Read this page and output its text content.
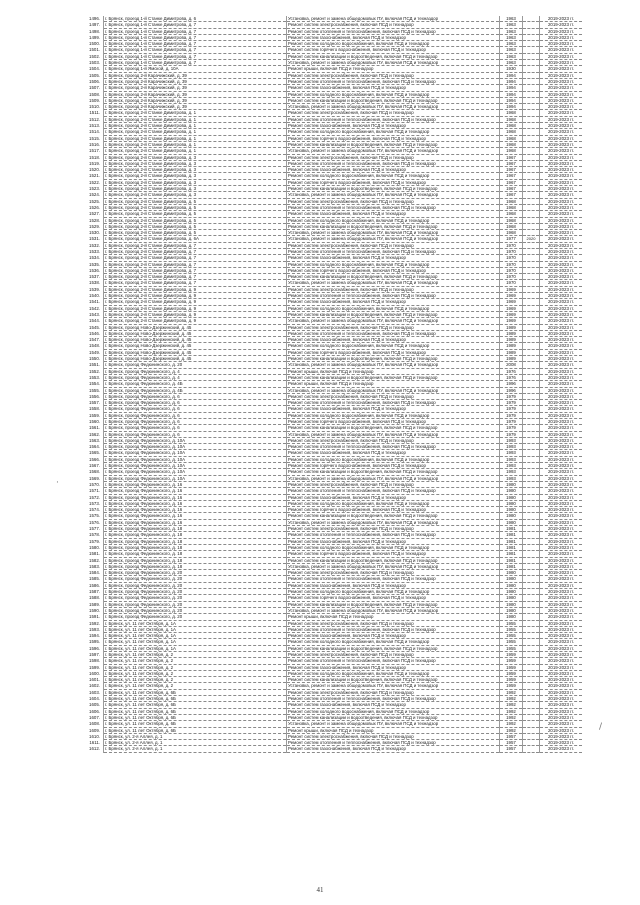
1496.	г. Брянск, проезд 1-й Станке Димитрова, д. 6	Установка, ремонт и замена общедомовых ПУ, включая ПСД и техназдор	1963		2019-2023 гг.
1497.	г. Брянск, проезд 1-й Станке Димитрова, д. 7	Ремонт систем электроснабжения, включая ПСД и технадзор	1963		2019-2023 гг.
1498.	г. Брянск, проезд 1-й Станке Димитрова, д. 7	Ремонт систем отопления и теплоснабжения, включая ПСД и технадзор	1963		2019-2023 гг.
1499.	г. Брянск, проезд 1-й Станке Димитрова, д. 7	Ремонт систем газоснабжения, включая ПСД и технадзор	1963		2019-2023 гг.
1500.	г. Брянск, проезд 1-й Станке Димитрова, д. 7	Ремонт систем холодного водоснабжения, включая ПСД и технадзор	1963		2019-2023 гг.
1501.	г. Брянск, проезд 1-й Станке Димитрова, д. 7	Ремонт систем горячего водоснабжения, включая ПСД и технадзор	1963		2019-2023 гг.
1502.	г. Брянск, проезд 1-й Станке Димитрова, д. 7	Ремонт систем канализации и водоотведения, включая ПСД и технадзор	1963		2019-2023 гг.
1503.	г. Брянск, проезд 1-й Станке Димитрова, д. 7	Установка, ремонт и замена общедомовых ПУ, включая ПСД и технадзор	1963		2019-2023 гг.
1504.	г. Брянск, проезд 1-й Ямской, д. 10А	Ремонт крыши, включая ПСД и технадзор	1930		2019-2023 гг.
1505.	г. Брянск, проезд 2-й Карачижский, д. 39	Ремонт систем электроснабжения, включая ПСД и технадзор	1994		2019-2023 гг.
1506.	г. Брянск, проезд 2-й Карачижский, д. 39	Ремонт систем отопления и теплоснабжения, включая ПСД и технадзор	1994		2019-2023 гг.
1507.	г. Брянск, проезд 2-й Карачижский, д. 39	Ремонт систем газоснабжения, включая ПСД и технадзор	1994		2019-2023 гг.
1508.	г. Брянск, проезд 2-й Карачижский, д. 39	Ремонт систем холодного водоснабжения, включая ПСД и технадзор	1994		2019-2023 гг.
1509.	г. Брянск, проезд 2-й Карачижский, д. 39	Ремонт систем канализации и водоотведения, включая ПСД и технадзор	1994		2019-2023 гг.
1510.	г. Брянск, проезд 2-й Карачижский, д. 39	Установка, ремонт и замена общедомовых ПУ, включая ПСД и технадзор	1994		2019-2023 гг.
1511.	г. Брянск, проезд 2-й Станке Димитрова, д. 1	Ремонт систем электроснабжения, включая ПСД и технадзор	1968		2019-2023 гг.
1512.	г. Брянск, проезд 2-й Станке Димитрова, д. 1	Ремонт систем отопления и теплоснабжения, включая ПСД и технадзор	1968		2019-2023 гг.
1513.	г. Брянск, проезд 2-й Станке Димитрова, д. 1	Ремонт систем газоснабжения, включая ПСД и технадзор	1968		2019-2023 гг.
1514.	г. Брянск, проезд 2-й Станке Димитрова, д. 1	Ремонт систем холодного водоснабжения, включая ПСД и технадзор	1968		2019-2023 гг.
1515.	г. Брянск, проезд 2-й Станке Димитрова, д. 1	Ремонт систем горячего водоснабжения, включая ПСД и технадзор	1968		2019-2023 гг.
1516.	г. Брянск, проезд 2-й Станке Димитрова, д. 1	Ремонт систем канализации и водоотведения, включая ПСД и технадзор	1968		2019-2023 гг.
1517.	г. Брянск, проезд 2-й Станке Димитрова, д. 1	Установка, ремонт и замена общедомовых ПУ, включая ПСД и технадзор	1968		2019-2023 гг.
1518.	г. Брянск, проезд 2-й Станке Димитрова, д. 3	Ремонт систем электроснабжения, включая ПСД и технадзор	1967		2019-2023 гг.
1519.	г. Брянск, проезд 2-й Станке Димитрова, д. 3	Ремонт систем отопления и теплоснабжения, включая ПСД и технадзор	1967		2019-2023 гг.
1520.	г. Брянск, проезд 2-й Станке Димитрова, д. 3	Ремонт систем газоснабжения, включая ПСД и технадзор	1967		2019-2023 гг.
1521.	г. Брянск, проезд 2-й Станке Димитрова, д. 3	Ремонт систем холодного водоснабжения, включая ПСД и технадзор	1967		2019-2023 гг.
1522.	г. Брянск, проезд 2-й Станке Димитрова, д. 3	Ремонт систем горячего водоснабжения, включая ПСД и технадзор	1967		2019-2023 гг.
1523.	г. Брянск, проезд 2-й Станке Димитрова, д. 3	Ремонт систем канализации и водоотведения, включая ПСД и технадзор	1967		2019-2023 гг.
1524.	г. Брянск, проезд 2-й Станке Димитрова, д. 3	Установка, ремонт и замена общедомовых ПУ, включая ПСД и технадзор	1967		2019-2023 гг.
1525.	г. Брянск, проезд 2-й Станке Димитрова, д. 5	Ремонт систем электроснабжения, включая ПСД и технадзор	1968		2019-2023 гг.
1526.	г. Брянск, проезд 2-й Станке Димитрова, д. 5	Ремонт систем отопления и теплоснабжения, включая ПСД и технадзор	1968		2019-2023 гг.
1527.	г. Брянск, проезд 2-й Станке Димитрова, д. 5	Ремонт систем газоснабжения, включая ПСД и технадзор	1968		2019-2023 гг.
1528.	г. Брянск, проезд 2-й Станке Димитрова, д. 5	Ремонт систем холодного водоснабжения, включая ПСД и технадзор	1968		2019-2023 гг.
1529.	г. Брянск, проезд 2-й Станке Димитрова, д. 5	Ремонт систем канализации и водоотведения, включая ПСД и технадзор	1968		2019-2023 гг.
1530.	г. Брянск, проезд 2-й Станке Димитрова, д. 5	Установка, ремонт и замена общедомовых ПУ, включая ПСД и технадзор	1968		2019-2023 гг.
1531.	г. Брянск, проезд 2-й Станке Димитрова, д. 6А	Установка, ремонт и замена общедомовых ПУ, включая ПСД и технадзор	1977	2020	2019-2023 гг.
1532.	г. Брянск, проезд 2-й Станке Димитрова, д. 7	Ремонт систем электроснабжения, включая ПСД и технадзор	1970		2019-2023 гг.
1533.	г. Брянск, проезд 2-й Станке Димитрова, д. 7	Ремонт систем отопления и теплоснабжения, включая ПСД и технадзор	1970		2019-2023 гг.
1534.	г. Брянск, проезд 2-й Станке Димитрова, д. 7	Ремонт систем газоснабжения, включая ПСД и технадзор	1970		2019-2023 гг.
1535.	г. Брянск, проезд 2-й Станке Димитрова, д. 7	Ремонт систем холодного водоснабжения, включая ПСД и технадзор	1970		2019-2023 гг.
1536.	г. Брянск, проезд 2-й Станке Димитрова, д. 7	Ремонт систем горячего водоснабжения, включая ПСД и технадзор	1970		2019-2023 гг.
1537.	г. Брянск, проезд 2-й Станке Димитрова, д. 7	Ремонт систем канализации и водоотведения, включая ПСД и технадзор	1970		2019-2023 гг.
1538.	г. Брянск, проезд 2-й Станке Димитрова, д. 7	Установка, ремонт и замена общедомовых ПУ, включая ПСД и технадзор	1970		2019-2023 гг.
1539.	г. Брянск, проезд 2-й Станке Димитрова, д. 9	Ремонт систем электроснабжения, включая ПСД и технадзор	1969		2019-2023 гг.
1540.	г. Брянск, проезд 2-й Станке Димитрова, д. 9	Ремонт систем отопления и теплоснабжения, включая ПСД и технадзор	1969		2019-2023 гг.
1541.	г. Брянск, проезд 2-й Станке Димитрова, д. 9	Ремонт систем газоснабжения, включая ПСД и технадзор	1969		2019-2023 гг.
1542.	г. Брянск, проезд 2-й Станке Димитрова, д. 9	Ремонт систем холодного водоснабжения, включая ПСД и технадзор	1969		2019-2023 гг.
1543.	г. Брянск, проезд 2-й Станке Димитрова, д. 9	Ремонт систем канализации и водоотведения, включая ПСД и технадзор	1969		2019-2023 гг.
1544.	г. Брянск, проезд 2-й Станке Димитрова, д. 9	Установка, ремонт и замена общедомовых ПУ, включая ПСД и технадзор	1969		2019-2023 гг.
1545.	г. Брянск, проезд Ново-Дзержинский, д. 45	Ремонт систем электроснабжения, включая ПСД и технадзор	1989		2019-2023 гг.
1546.	г. Брянск, проезд Ново-Дзержинский, д. 45	Ремонт систем отопления и теплоснабжения, включая ПСД и технадзор	1989		2019-2023 гг.
1547.	г. Брянск, проезд Ново-Дзержинский, д. 45	Ремонт систем газоснабжения, включая ПСД и технадзор	1989		2019-2023 гг.
1548.	г. Брянск, проезд Ново-Дзержинский, д. 45	Ремонт систем холодного водоснабжения, включая ПСД и технадзор	1989		2019-2023 гг.
1549.	г. Брянск, проезд Ново-Дзержинский, д. 45	Ремонт систем горячего водоснабжения, включая ПСД и технадзор	1989		2019-2023 гг.
1550.	г. Брянск, проезд Ново-Дзержинский, д. 45	Ремонт систем канализации и водоотведения, включая ПСД и технадзор	1989		2019-2023 гг.
1551.	г. Брянск, проезд Федюнинского, д. 20	Установка, ремонт и замена общедомовых ПУ, включая ПСД и технадзор	2008		2019-2023 гг.
1552.	г. Брянск, проезд Федюнинского, д. 4	Ремонт крыши, включая ПСД и технадзор	1976		2019-2023 гг.
1553.	г. Брянск, проезд Федюнинского, д. 4	Ремонт систем канализации и водоотведения, включая ПСД и технадзор	1976		2019-2023 гг.
1554.	г. Брянск, проезд Федюнинского, д. 4Б	Ремонт крыши, включая ПСД и технадзор	1996		2019-2023 гг.
1555.	г. Брянск, проезд Федюнинского, д. 4Б	Установка, ремонт и замена общедомовых ПУ, включая ПСД и технадзор	1996		2019-2023 гг.
1556.	г. Брянск, проезд Федюнинского, д. 6	Ремонт систем электроснабжения, включая ПСД и технадзор	1979		2019-2023 гг.
1557.	г. Брянск, проезд Федюнинского, д. 6	Ремонт систем отопления и теплоснабжения, включая ПСД и технадзор	1979		2019-2023 гг.
1558.	г. Брянск, проезд Федюнинского, д. 6	Ремонт систем газоснабжения, включая ПСД и технадзор	1979		2019-2023 гг.
1559.	г. Брянск, проезд Федюнинского, д. 6	Ремонт систем холодного водоснабжения, включая ПСД и технадзор	1979		2019-2023 гг.
1560.	г. Брянск, проезд Федюнинского, д. 6	Ремонт систем горячего водоснабжения, включая ПСД и технадзор	1979		2019-2023 гг.
1561.	г. Брянск, проезд Федюнинского, д. 6	Ремонт систем канализации и водоотведения, включая ПСД и технадзор	1979		2019-2023 гг.
1562.	г. Брянск, проезд Федюнинского, д. 6	Установка, ремонт и замена общедомовых ПУ, включая ПСД и технадзор	1979		2019-2023 гг.
1563.	г. Брянск, проезд Федюнинского, д. 10А	Ремонт систем электроснабжения, включая ПСД и технадзор	1993		2019-2023 гг.
1564.	г. Брянск, проезд Федюнинского, д. 10А	Ремонт систем отопления и теплоснабжения, включая ПСД и технадзор	1993		2019-2023 гг.
1565.	г. Брянск, проезд Федюнинского, д. 10А	Ремонт систем газоснабжения, включая ПСД и технадзор	1993		2019-2023 гг.
1566.	г. Брянск, проезд Федюнинского, д. 10А	Ремонт систем холодного водоснабжения, включая ПСД и технадзор	1993		2019-2023 гг.
1567.	г. Брянск, проезд Федюнинского, д. 10А	Ремонт систем горячего водоснабжения, включая ПСД и технадзор	1993		2019-2023 гг.
1568.	г. Брянск, проезд Федюнинского, д. 10А	Ремонт систем канализации и водоотведения, включая ПСД и технадзор	1993		2019-2023 гг.
1569.	г. Брянск, проезд Федюнинского, д. 10А	Установка, ремонт и замена общедомовых ПУ, включая ПСД и технадзор	1993		2019-2023 гг.
1570.	г. Брянск, проезд Федюнинского, д. 16	Ремонт систем электроснабжения, включая ПСД и технадзор	1980		2019-2023 гг.
1571.	г. Брянск, проезд Федюнинского, д. 16	Ремонт систем отопления и теплоснабжения, включая ПСД и технадзор	1980		2019-2023 гг.
1572.	г. Брянск, проезд Федюнинского, д. 16	Ремонт систем газоснабжения, включая ПСД и технадзор	1980		2019-2023 гг.
1573.	г. Брянск, проезд Федюнинского, д. 16	Ремонт систем холодного водоснабжения, включая ПСД и технадзор	1980		2019-2023 гг.
1574.	г. Брянск, проезд Федюнинского, д. 16	Ремонт систем горячего водоснабжения, включая ПСД и технадзор	1980		2019-2023 гг.
1575.	г. Брянск, проезд Федюнинского, д. 16	Ремонт систем канализации и водоотведения, включая ПСД и технадзор	1980		2019-2023 гг.
1576.	г. Брянск, проезд Федюнинского, д. 16	Установка, ремонт и замена общедомовых ПУ, включая ПСД и технадзор	1980		2019-2023 гг.
1577.	г. Брянск, проезд Федюнинского, д. 18	Ремонт систем электроснабжения, включая ПСД и технадзор	1981		2019-2023 гг.
1578.	г. Брянск, проезд Федюнинского, д. 18	Ремонт систем отопления и теплоснабжения, включая ПСД и технадзор	1981		2019-2023 гг.
1579.	г. Брянск, проезд Федюнинского, д. 18	Ремонт систем газоснабжения, включая ПСД и технадзор	1981		2019-2023 гг.
1580.	г. Брянск, проезд Федюнинского, д. 18	Ремонт систем холодного водоснабжения, включая ПСД и технадзор	1981		2019-2023 гг.
1581.	г. Брянск, проезд Федюнинского, д. 18	Ремонт систем горячего водоснабжения, включая ПСД и технадзор	1981		2019-2023 гг.
1582.	г. Брянск, проезд Федюнинского, д. 18	Ремонт систем канализации и водоотведения, включая ПСД и технадзор	1981		2019-2023 гг.
1583.	г. Брянск, проезд Федюнинского, д. 18	Установка, ремонт и замена общедомовых ПУ, включая ПСД и технадзор	1981		2019-2023 гг.
1584.	г. Брянск, проезд Федюнинского, д. 20	Ремонт систем электроснабжения, включая ПСД и технадзор	1980		2019-2023 гг.
1585.	г. Брянск, проезд Федюнинского, д. 20	Ремонт систем отопления и теплоснабжения, включая ПСД и технадзор	1980		2019-2023 гг.
1586.	г. Брянск, проезд Федюнинского, д. 20	Ремонт систем газоснабжения, включая ПСД и технадзор	1980		2019-2023 гг.
1587.	г. Брянск, проезд Федюнинского, д. 20	Ремонт систем холодного водоснабжения, включая ПСД и технадзор	1980		2019-2023 гг.
1588.	г. Брянск, проезд Федюнинского, д. 20	Ремонт систем горячего водоснабжения, включая ПСД и технадзор	1980		2019-2023 гг.
1589.	г. Брянск, проезд Федюнинского, д. 20	Ремонт систем канализации и водоотведения, включая ПСД и технадзор	1980		2019-2023 гг.
1590.	г. Брянск, проезд Федюнинского, д. 20	Установка, ремонт и замена общедомовых ПУ, включая ПСД и технадзор	1980		2019-2023 гг.
1591.	г. Брянск, проезд Федюнинского, д. 20	Ремонт крыши, включая ПСД и технадзор	1980		2019-2023 гг.
1592.	г. Брянск, ул. 11 лет Октября, д. 1А	Ремонт систем электроснабжения, включая ПСД и технадзор	1955		2019-2023 гг.
1593.	г. Брянск, ул. 11 лет Октября, д. 1А	Ремонт систем отопления и теплоснабжения, включая ПСД и технадзор	1955		2019-2023 гг.
1594.	г. Брянск, ул. 11 лет Октября, д. 1А	Ремонт систем газоснабжения, включая ПСД и технадзор	1955		2019-2023 гг.
1595.	г. Брянск, ул. 11 лет Октября, д. 1А	Ремонт систем холодного водоснабжения, включая ПСД и технадзор	1955		2019-2023 гг.
1596.	г. Брянск, ул. 11 лет Октября, д. 1А	Ремонт систем канализации и водоотведения, включая ПСД и технадзор	1955		2019-2023 гг.
1597.	г. Брянск, ул. 11 лет Октября, д. 2	Ремонт систем электроснабжения, включая ПСД и технадзор	1959		2019-2023 гг.
1598.	г. Брянск, ул. 11 лет Октября, д. 2	Ремонт систем отопления и теплоснабжения, включая ПСД и технадзор	1959		2019-2023 гг.
1599.	г. Брянск, ул. 11 лет Октября, д. 2	Ремонт систем газоснабжения, включая ПСД и технадзор	1959		2019-2023 гг.
1600.	г. Брянск, ул. 11 лет Октября, д. 2	Ремонт систем холодного водоснабжения, включая ПСД и технадзор	1959		2019-2023 гг.
1601.	г. Брянск, ул. 11 лет Октября, д. 2	Ремонт систем канализации и водоотведения, включая ПСД и технадзор	1959		2019-2023 гг.
1602.	г. Брянск, ул. 11 лет Октября, д. 2	Установка, ремонт и замена общедомовых ПУ, включая ПСД и технадзор	1959		2019-2023 гг.
1603.	г. Брянск, ул. 11 лет Октября, д. 6Б	Ремонт систем электроснабжения, включая ПСД и технадзор	1992		2019-2023 гг.
1604.	г. Брянск, ул. 11 лет Октября, д. 6Б	Ремонт систем отопления и теплоснабжения, включая ПСД и технадзор	1992		2019-2023 гг.
1605.	г. Брянск, ул. 11 лет Октября, д. 6Б	Ремонт систем газоснабжения, включая ПСД и технадзор	1992		2019-2023 гг.
1606.	г. Брянск, ул. 11 лет Октября, д. 6Б	Ремонт систем холодного водоснабжения, включая ПСД и технадзор	1992		2019-2023 гг.
1607.	г. Брянск, ул. 11 лет Октября, д. 6Б	Ремонт систем канализации и водоотведения, включая ПСД и технадзор	1992		2019-2023 гг.
1608.	г. Брянск, ул. 11 лет Октября, д. 6Б	Установка, ремонт и замена общедомовых ПУ, включая ПСД и технадзор	1992		2019-2023 гг.
1609.	г. Брянск, ул. 11 лет Октября, д. 6Б	Ремонт крыши, включая ПСД и технадзор	1992		2019-2023 гг.
1610.	г. Брянск, ул. 2-я Аллея, д. 1	Ремонт систем электроснабжения, включая ПСД и технадзор	1957		2019-2023 гг.
1611.	г. Брянск, ул. 2-я Аллея, д. 1	Ремонт систем отопления и теплоснабжения, включая ПСД и технадзор	1957		2019-2023 гг.
1612.	г. Брянск, ул. 2-я Аллея, д. 1	Ремонт систем газоснабжения, включая ПСД и технадзор	1957		2019-2023 гг.
41
·
/
